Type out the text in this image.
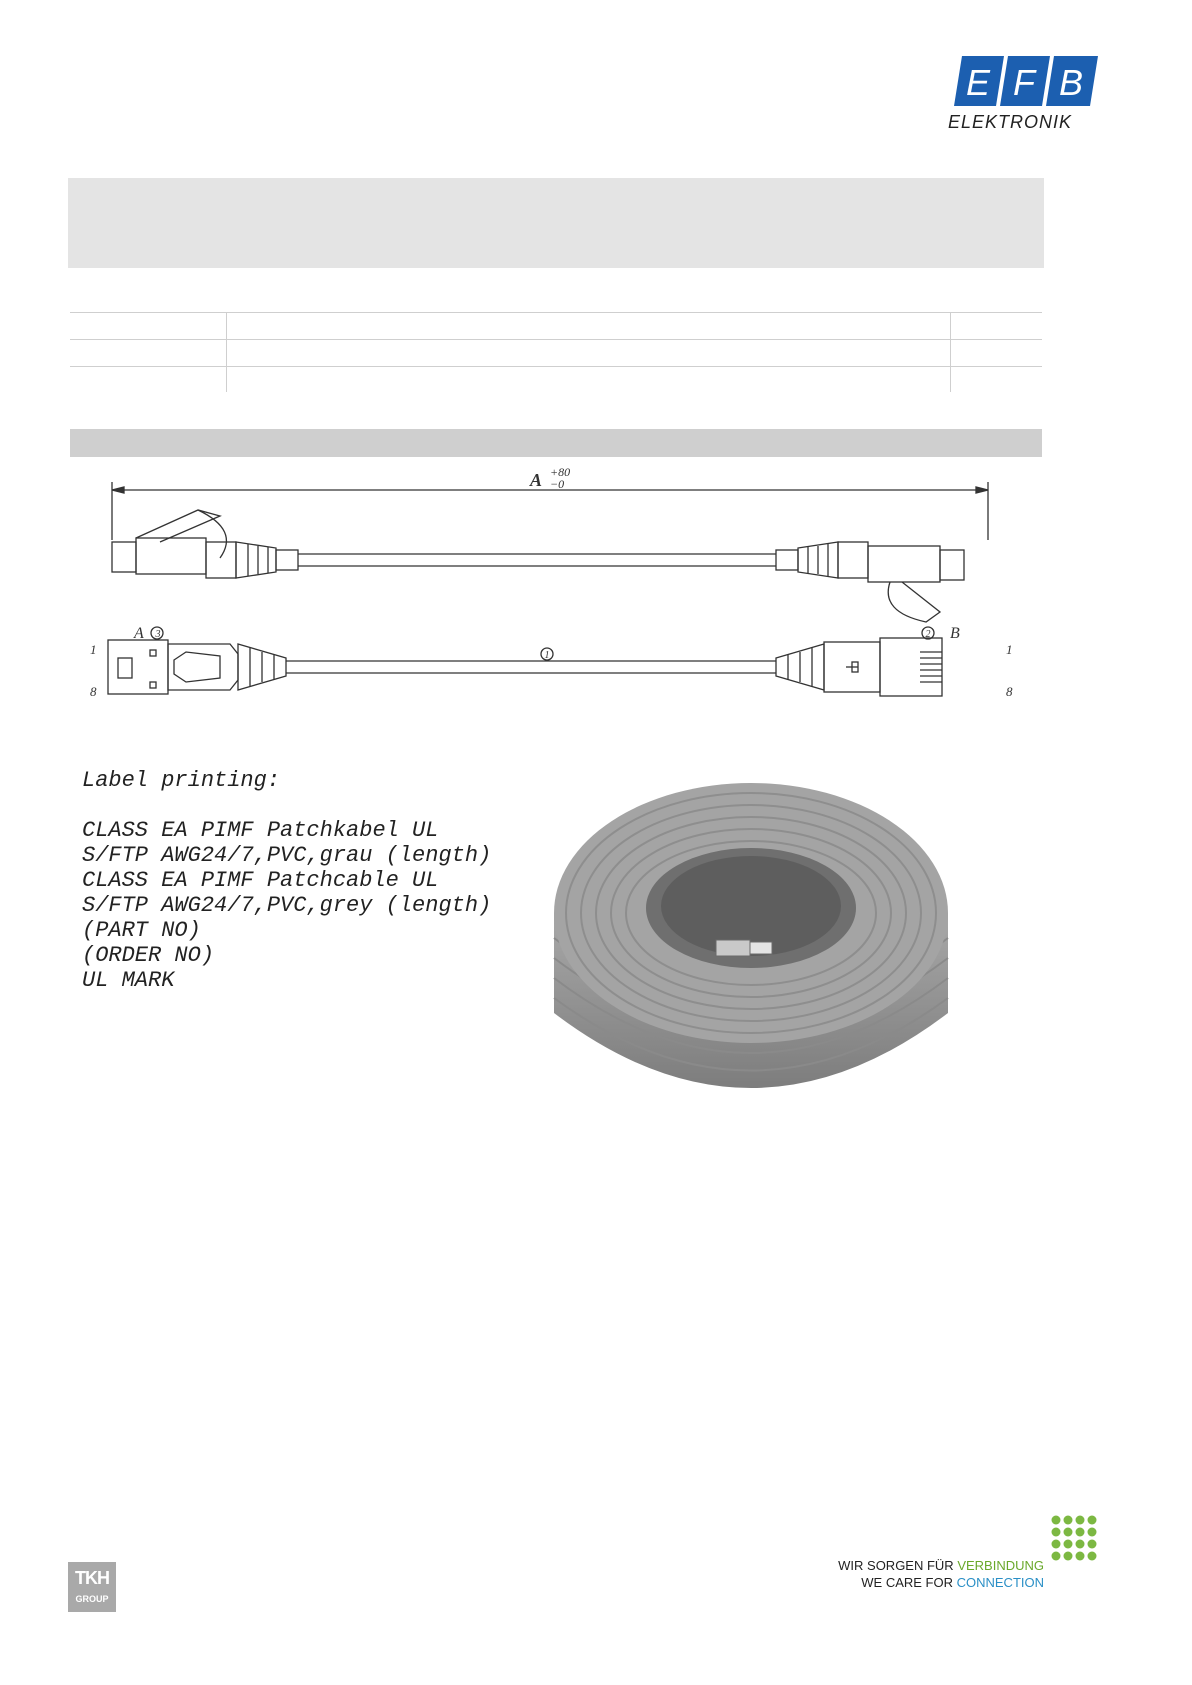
E F B
ELEKTRONIK
A +80
−0
3
1
2
A	B
1
8
1
8
Label printing:
CLASS EA PIMF Patchkabel UL
S/FTP AWG24/7,PVC,grau (length)
CLASS EA PIMF Patchcable UL
S/FTP AWG24/7,PVC,grey (length)
(PART NO)
(ORDER NO)
UL MARK
TKH
GROUP
WIR SORGEN FÜR VERBINDUNG
WE CARE FOR CONNECTION
